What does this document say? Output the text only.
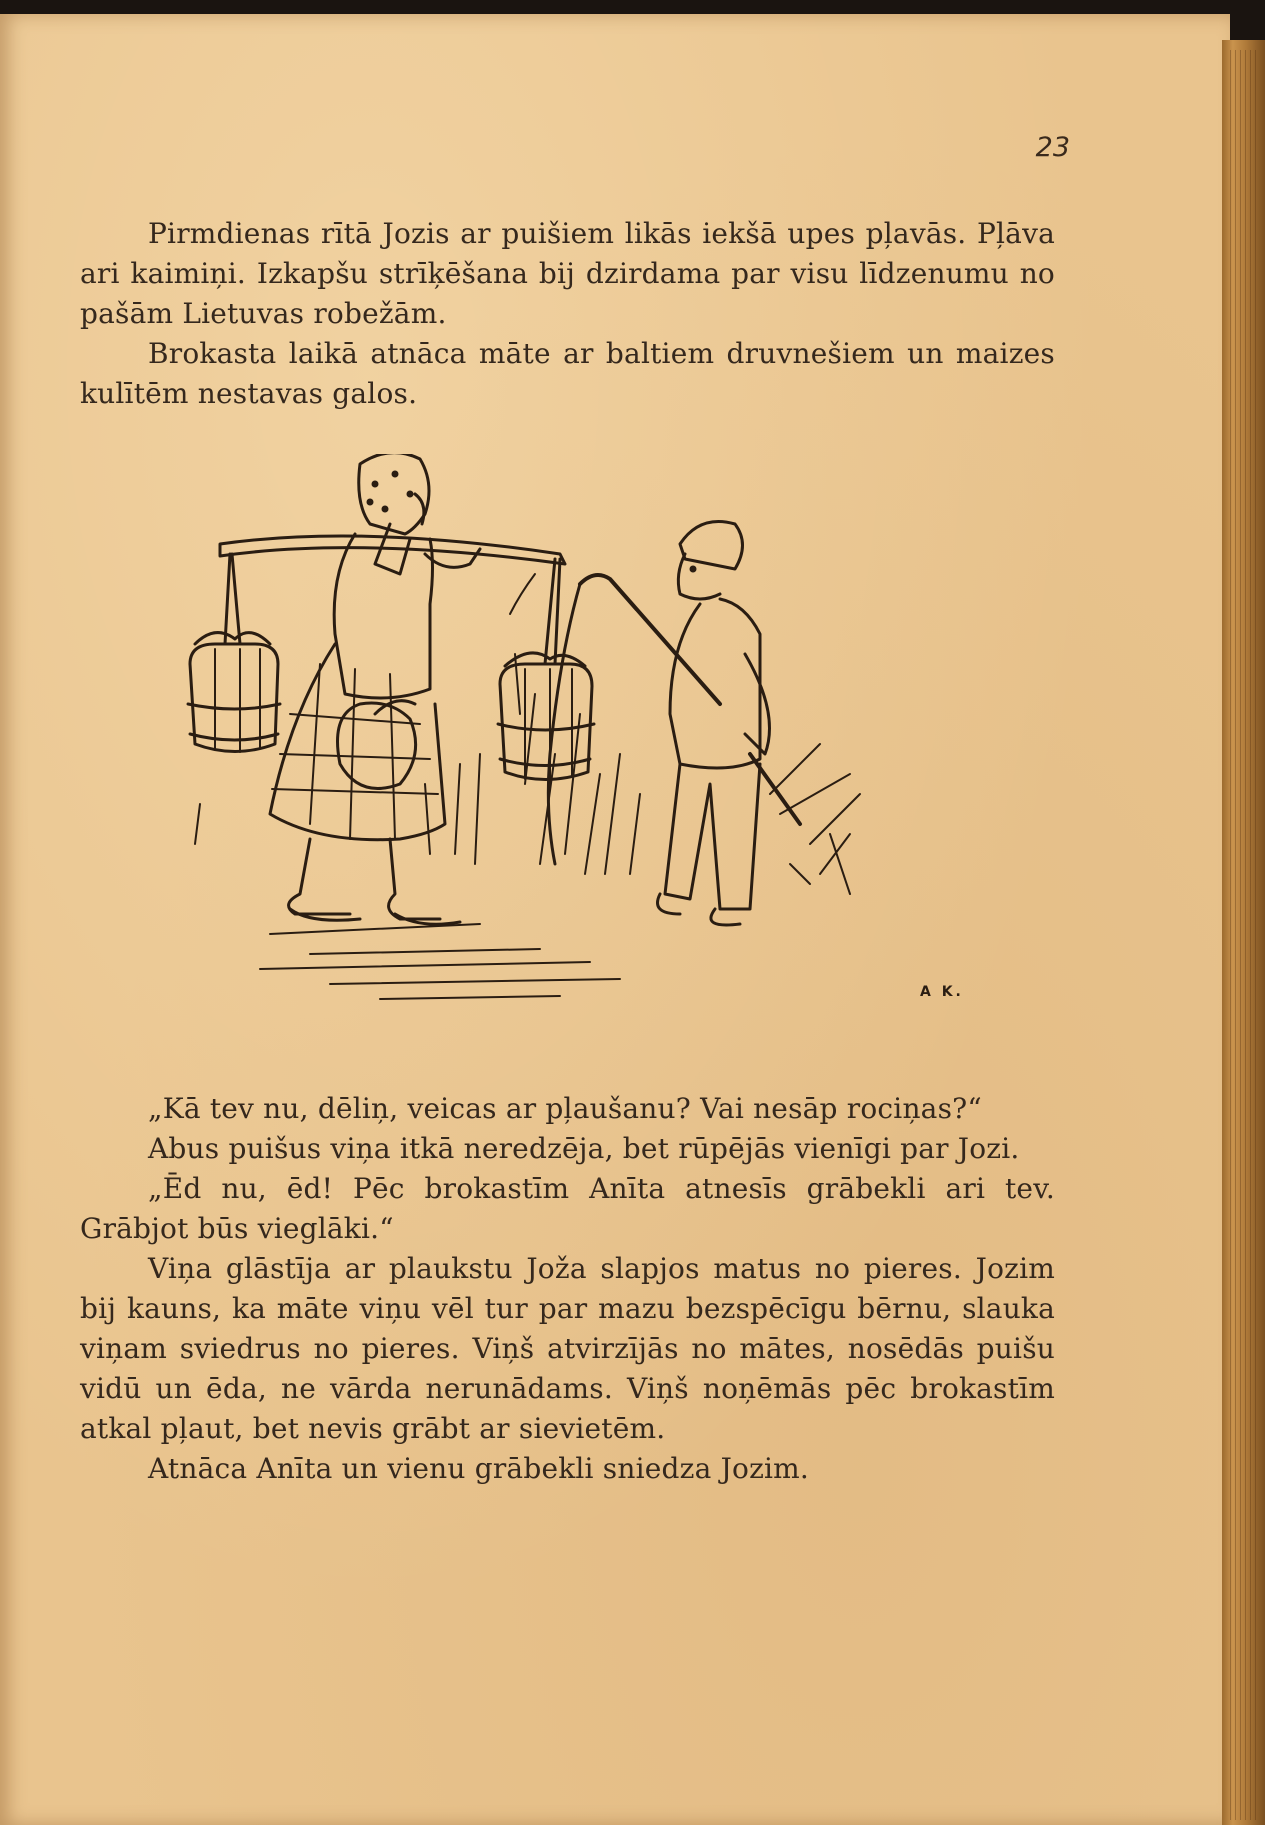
23

Pirmdienas rītā Jozis ar puišiem likās iekšā upes pļavās. Pļāva ari kaimiņi. Izkapšu strīķēšana bij dzirdama par visu līdzenumu no pašām Lietuvas robežām.

Brokasta laikā atnāca māte ar baltiem druvnešiem un maizes kulītēm nestavas galos.

A K.

„Kā tev nu, dēliņ, veicas ar pļaušanu? Vai nesāp rociņas?“

Abus puišus viņa itkā neredzēja, bet rūpējās vienīgi par Jozi.

„Ēd nu, ēd! Pēc brokastīm Anīta atnesīs grābekli ari tev. Grābjot būs vieglāki.“

Viņa glāstīja ar plaukstu Joža slapjos matus no pieres. Jozim bij kauns, ka māte viņu vēl tur par mazu bezspēcīgu bērnu, slauka viņam sviedrus no pieres. Viņš atvirzījās no mātes, nosēdās puišu vidū un ēda, ne vārda nerunādams. Viņš noņēmās pēc brokastīm atkal pļaut, bet nevis grābt ar sievietēm.

Atnāca Anīta un vienu grābekli sniedza Jozim.
